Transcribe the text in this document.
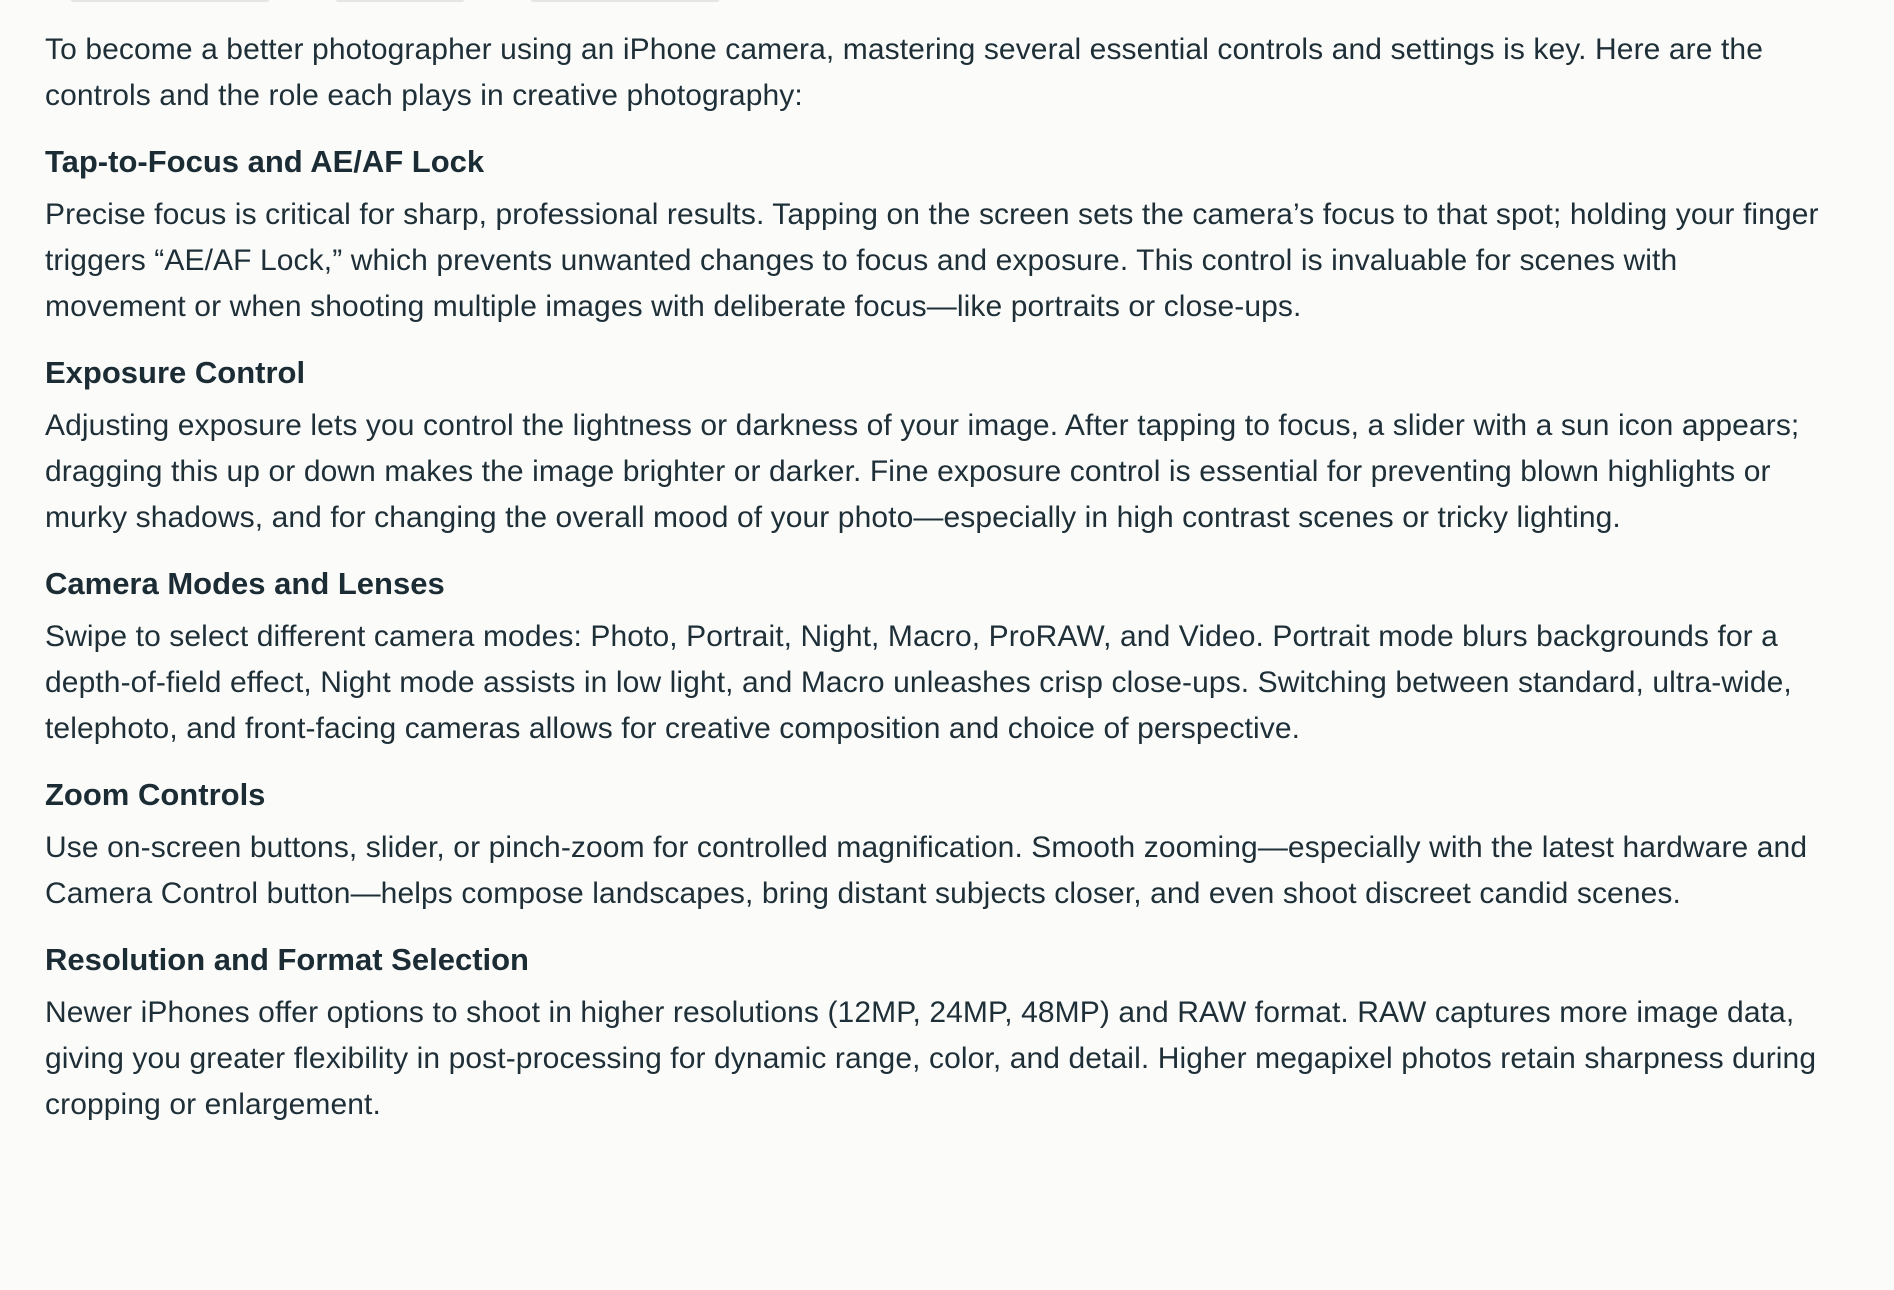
To become a better photographer using an iPhone camera, mastering several essential controls and settings is key. Here are the controls and the role each plays in creative photography:

Tap-to-Focus and AE/AF Lock

Precise focus is critical for sharp, professional results. Tapping on the screen sets the camera’s focus to that spot; holding your finger triggers “AE/AF Lock,” which prevents unwanted changes to focus and exposure. This control is invaluable for scenes with movement or when shooting multiple images with deliberate focus—like portraits or close-ups.

Exposure Control

Adjusting exposure lets you control the lightness or darkness of your image. After tapping to focus, a slider with a sun icon appears; dragging this up or down makes the image brighter or darker. Fine exposure control is essential for preventing blown highlights or murky shadows, and for changing the overall mood of your photo—especially in high contrast scenes or tricky lighting.

Camera Modes and Lenses

Swipe to select different camera modes: Photo, Portrait, Night, Macro, ProRAW, and Video. Portrait mode blurs backgrounds for a depth-of-field effect, Night mode assists in low light, and Macro unleashes crisp close-ups. Switching between standard, ultra-wide, telephoto, and front-facing cameras allows for creative composition and choice of perspective.

Zoom Controls

Use on-screen buttons, slider, or pinch-zoom for controlled magnification. Smooth zooming—especially with the latest hardware and Camera Control button—helps compose landscapes, bring distant subjects closer, and even shoot discreet candid scenes.

Resolution and Format Selection

Newer iPhones offer options to shoot in higher resolutions (12MP, 24MP, 48MP) and RAW format. RAW captures more image data, giving you greater flexibility in post-processing for dynamic range, color, and detail. Higher megapixel photos retain sharpness during cropping or enlargement.
